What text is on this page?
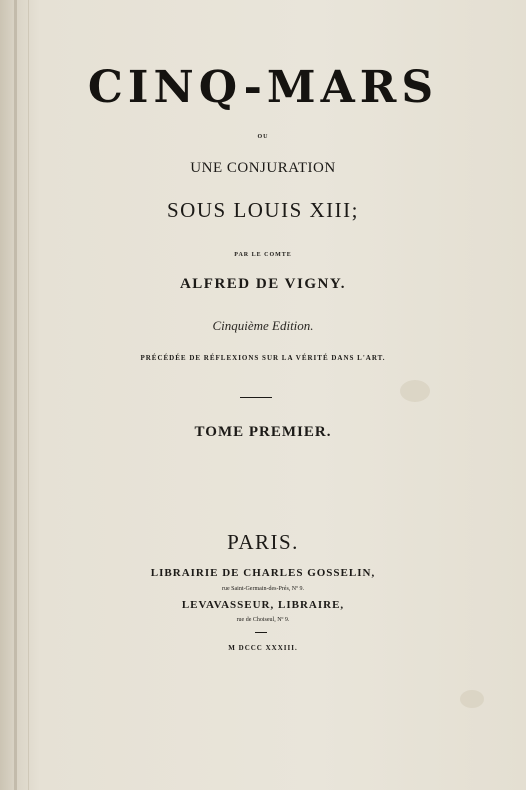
CINQ-MARS
OU
UNE CONJURATION
SOUS LOUIS XIII;
PAR LE COMTE
ALFRED DE VIGNY.
Cinquième Edition.
PRÉCÉDÉE DE RÉFLEXIONS SUR LA VÉRITÉ DANS L'ART.
TOME PREMIER.
PARIS.
LIBRAIRIE DE CHARLES GOSSELIN,
rue Saint-Germain-des-Prés, Nº 9.
LEVAVASSEUR, LIBRAIRE,
rue de Choiseul, Nº 9.
M DCCC XXXIII.
